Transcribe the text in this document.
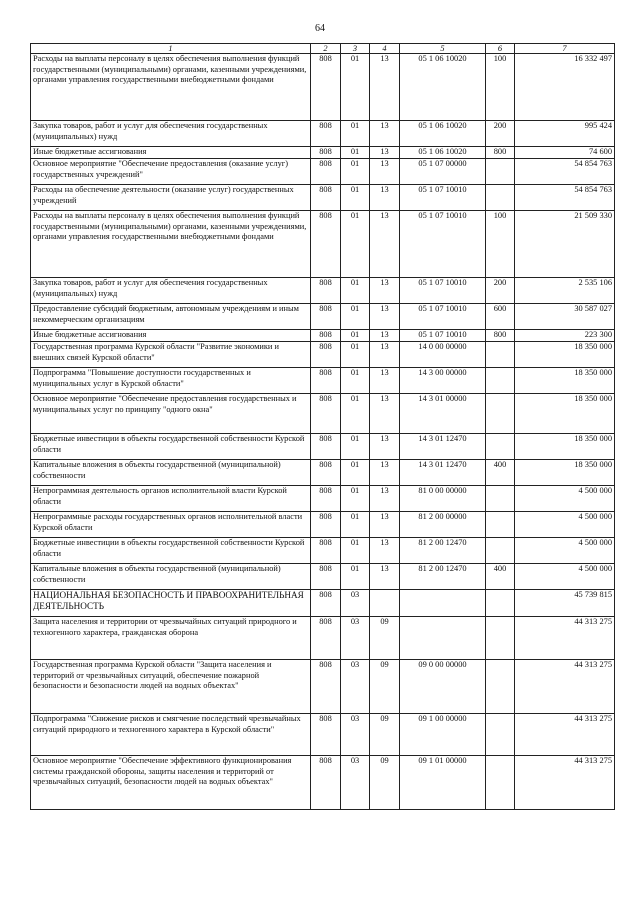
64
1	2	3	4	5	6	7
Расходы на выплаты персоналу в целях обеспечения выполнения функций государственными (муниципальными) органами, казенными учреждениями, органами управления государственными внебюджетными фондами	808	01	13	05 1 06 10020	100	16 332 497
Закупка товаров, работ и услуг для обеспечения государственных (муниципальных) нужд	808	01	13	05 1 06 10020	200	995 424
Иные бюджетные ассигнования	808	01	13	05 1 06 10020	800	74 600
Основное мероприятие "Обеспечение предоставления (оказание услуг) государственных учреждений"	808	01	13	05 1 07 00000		54 854 763
Расходы на обеспечение деятельности (оказание услуг) государственных учреждений	808	01	13	05 1 07 10010		54 854 763
Расходы на выплаты персоналу в целях обеспечения выполнения функций государственными (муниципальными) органами, казенными учреждениями, органами управления государственными внебюджетными фондами	808	01	13	05 1 07 10010	100	21 509 330
Закупка товаров, работ и услуг для обеспечения государственных (муниципальных) нужд	808	01	13	05 1 07 10010	200	2 535 106
Предоставление субсидий бюджетным, автономным учреждениям и иным некоммерческим организациям	808	01	13	05 1 07 10010	600	30 587 027
Иные бюджетные ассигнования	808	01	13	05 1 07 10010	800	223 300
Государственная программа Курской области "Развитие экономики и внешних связей Курской области"	808	01	13	14 0 00 00000		18 350 000
Подпрограмма "Повышение доступности государственных и муниципальных услуг в Курской области"	808	01	13	14 3 00 00000		18 350 000
Основное мероприятие "Обеспечение предоставления государственных и муниципальных услуг по принципу "одного окна"	808	01	13	14 3 01 00000		18 350 000
Бюджетные инвестиции в объекты государственной собственности Курской области	808	01	13	14 3 01 12470		18 350 000
Капитальные вложения в объекты государственной (муниципальной) собственности	808	01	13	14 3 01 12470	400	18 350 000
Непрограммная деятельность органов исполнительной власти Курской области	808	01	13	81 0 00 00000		4 500 000
Непрограммные расходы государственных органов исполнительной власти Курской области	808	01	13	81 2 00 00000		4 500 000
Бюджетные инвестиции в объекты государственной собственности Курской области	808	01	13	81 2 00 12470		4 500 000
Капитальные вложения в объекты государственной (муниципальной) собственности	808	01	13	81 2 00 12470	400	4 500 000
НАЦИОНАЛЬНАЯ БЕЗОПАСНОСТЬ И ПРАВООХРАНИТЕЛЬНАЯ ДЕЯТЕЛЬНОСТЬ	808	03				45 739 815
Защита населения и территории от чрезвычайных ситуаций природного и техногенного характера, гражданская оборона	808	03	09			44 313 275
Государственная программа Курской области "Защита населения и территорий от чрезвычайных ситуаций, обеспечение пожарной безопасности и безопасности людей на водных объектах"	808	03	09	09 0 00 00000		44 313 275
Подпрограмма "Снижение рисков и смягчение последствий чрезвычайных ситуаций природного и техногенного характера в Курской области"	808	03	09	09 1 00 00000		44 313 275
Основное мероприятие "Обеспечение эффективного функционирования системы гражданской обороны, защиты населения и территорий от чрезвычайных ситуаций, безопасности людей на водных объектах"	808	03	09	09 1 01 00000		44 313 275
